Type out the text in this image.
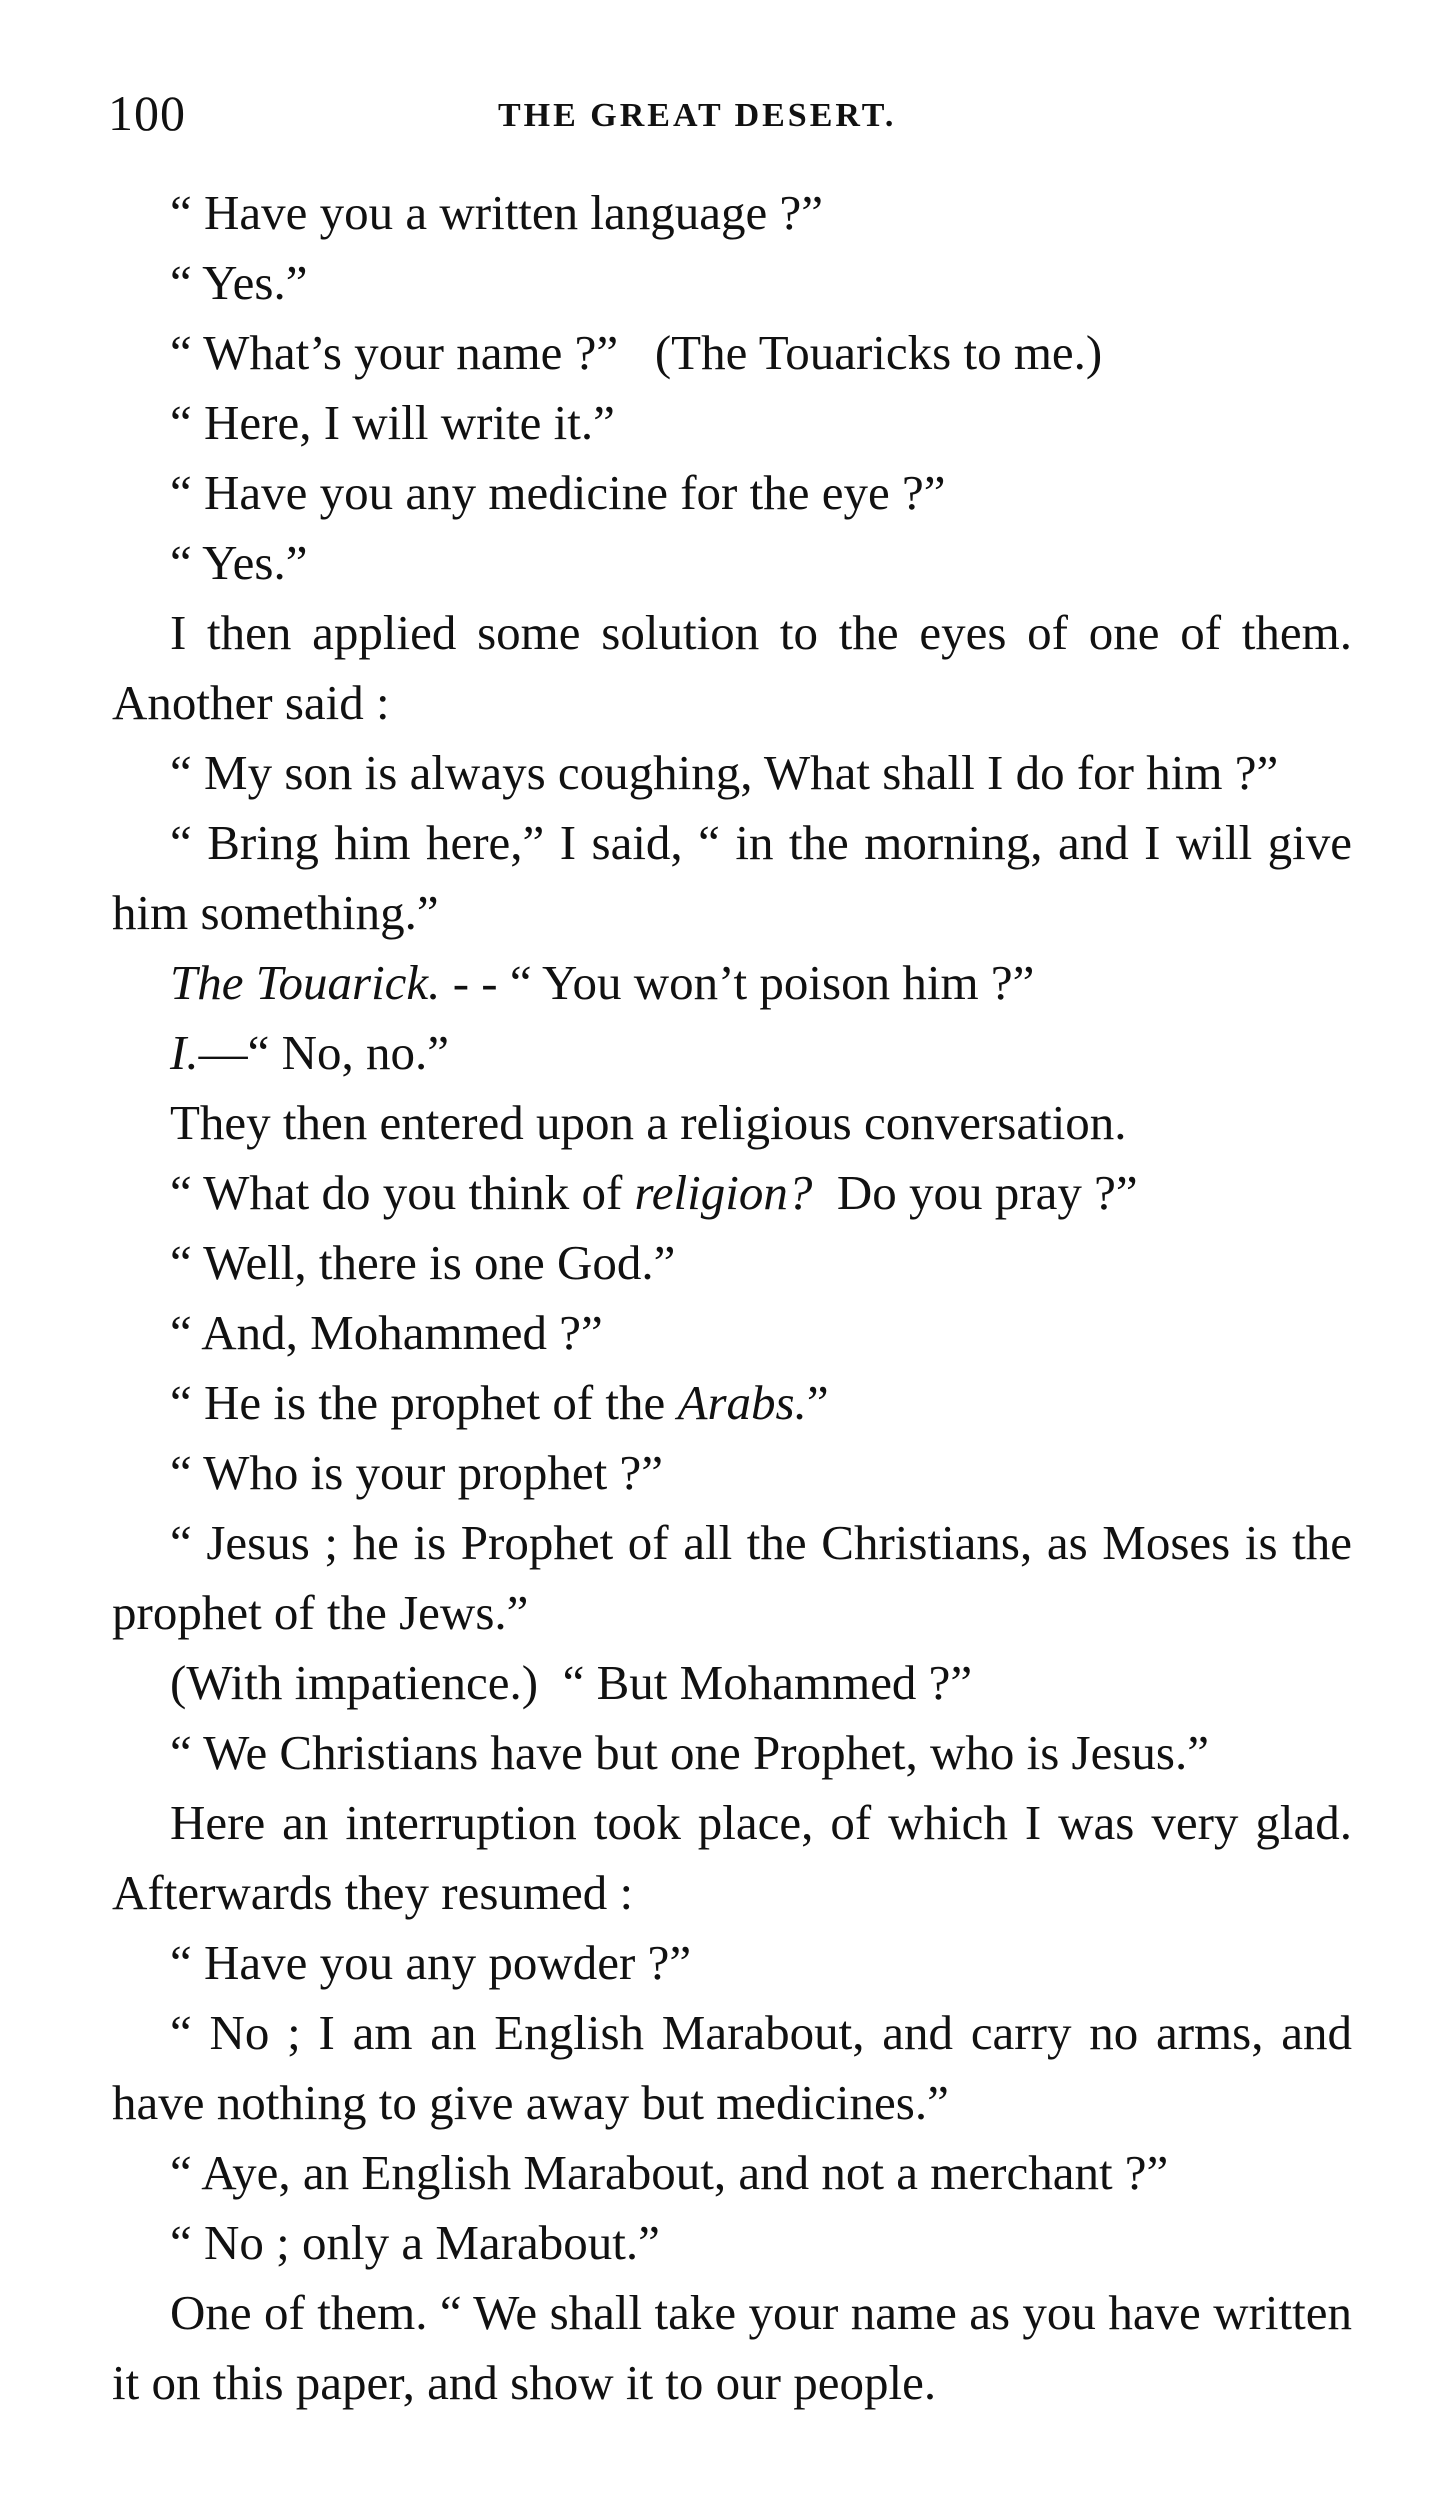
100	THE GREAT DESERT.

“ Have you a written language ?”

“ Yes.”

“ What’s your name ?”   (The Touaricks to me.)

“ Here, I will write it.”

“ Have you any medicine for the eye ?”

“ Yes.”

I then applied some solution to the eyes of one of them. Another said :

“ My son is always coughing, What shall I do for him ?”

“ Bring him here,” I said, “ in the morning, and I will give him something.”

The Touarick. - - “ You won’t poison him ?”

I.—“ No, no.”

They then entered upon a religious conversation.

“ What do you think of religion?  Do you pray ?”

“ Well, there is one God.”

“ And, Mohammed ?”

“ He is the prophet of the Arabs.”

“ Who is your prophet ?”

“ Jesus ; he is Prophet of all the Christians, as Moses is the prophet of the Jews.”

(With impatience.)  “ But Mohammed ?”

“ We Christians have but one Prophet, who is Jesus.”

Here an interruption took place, of which I was very glad. Afterwards they resumed :

“ Have you any powder ?”

“ No ; I am an English Marabout, and carry no arms, and have nothing to give away but medicines.”

“ Aye, an English Marabout, and not a merchant ?”

“ No ; only a Marabout.”

One of them. “ We shall take your name as you have written it on this paper, and show it to our people.
